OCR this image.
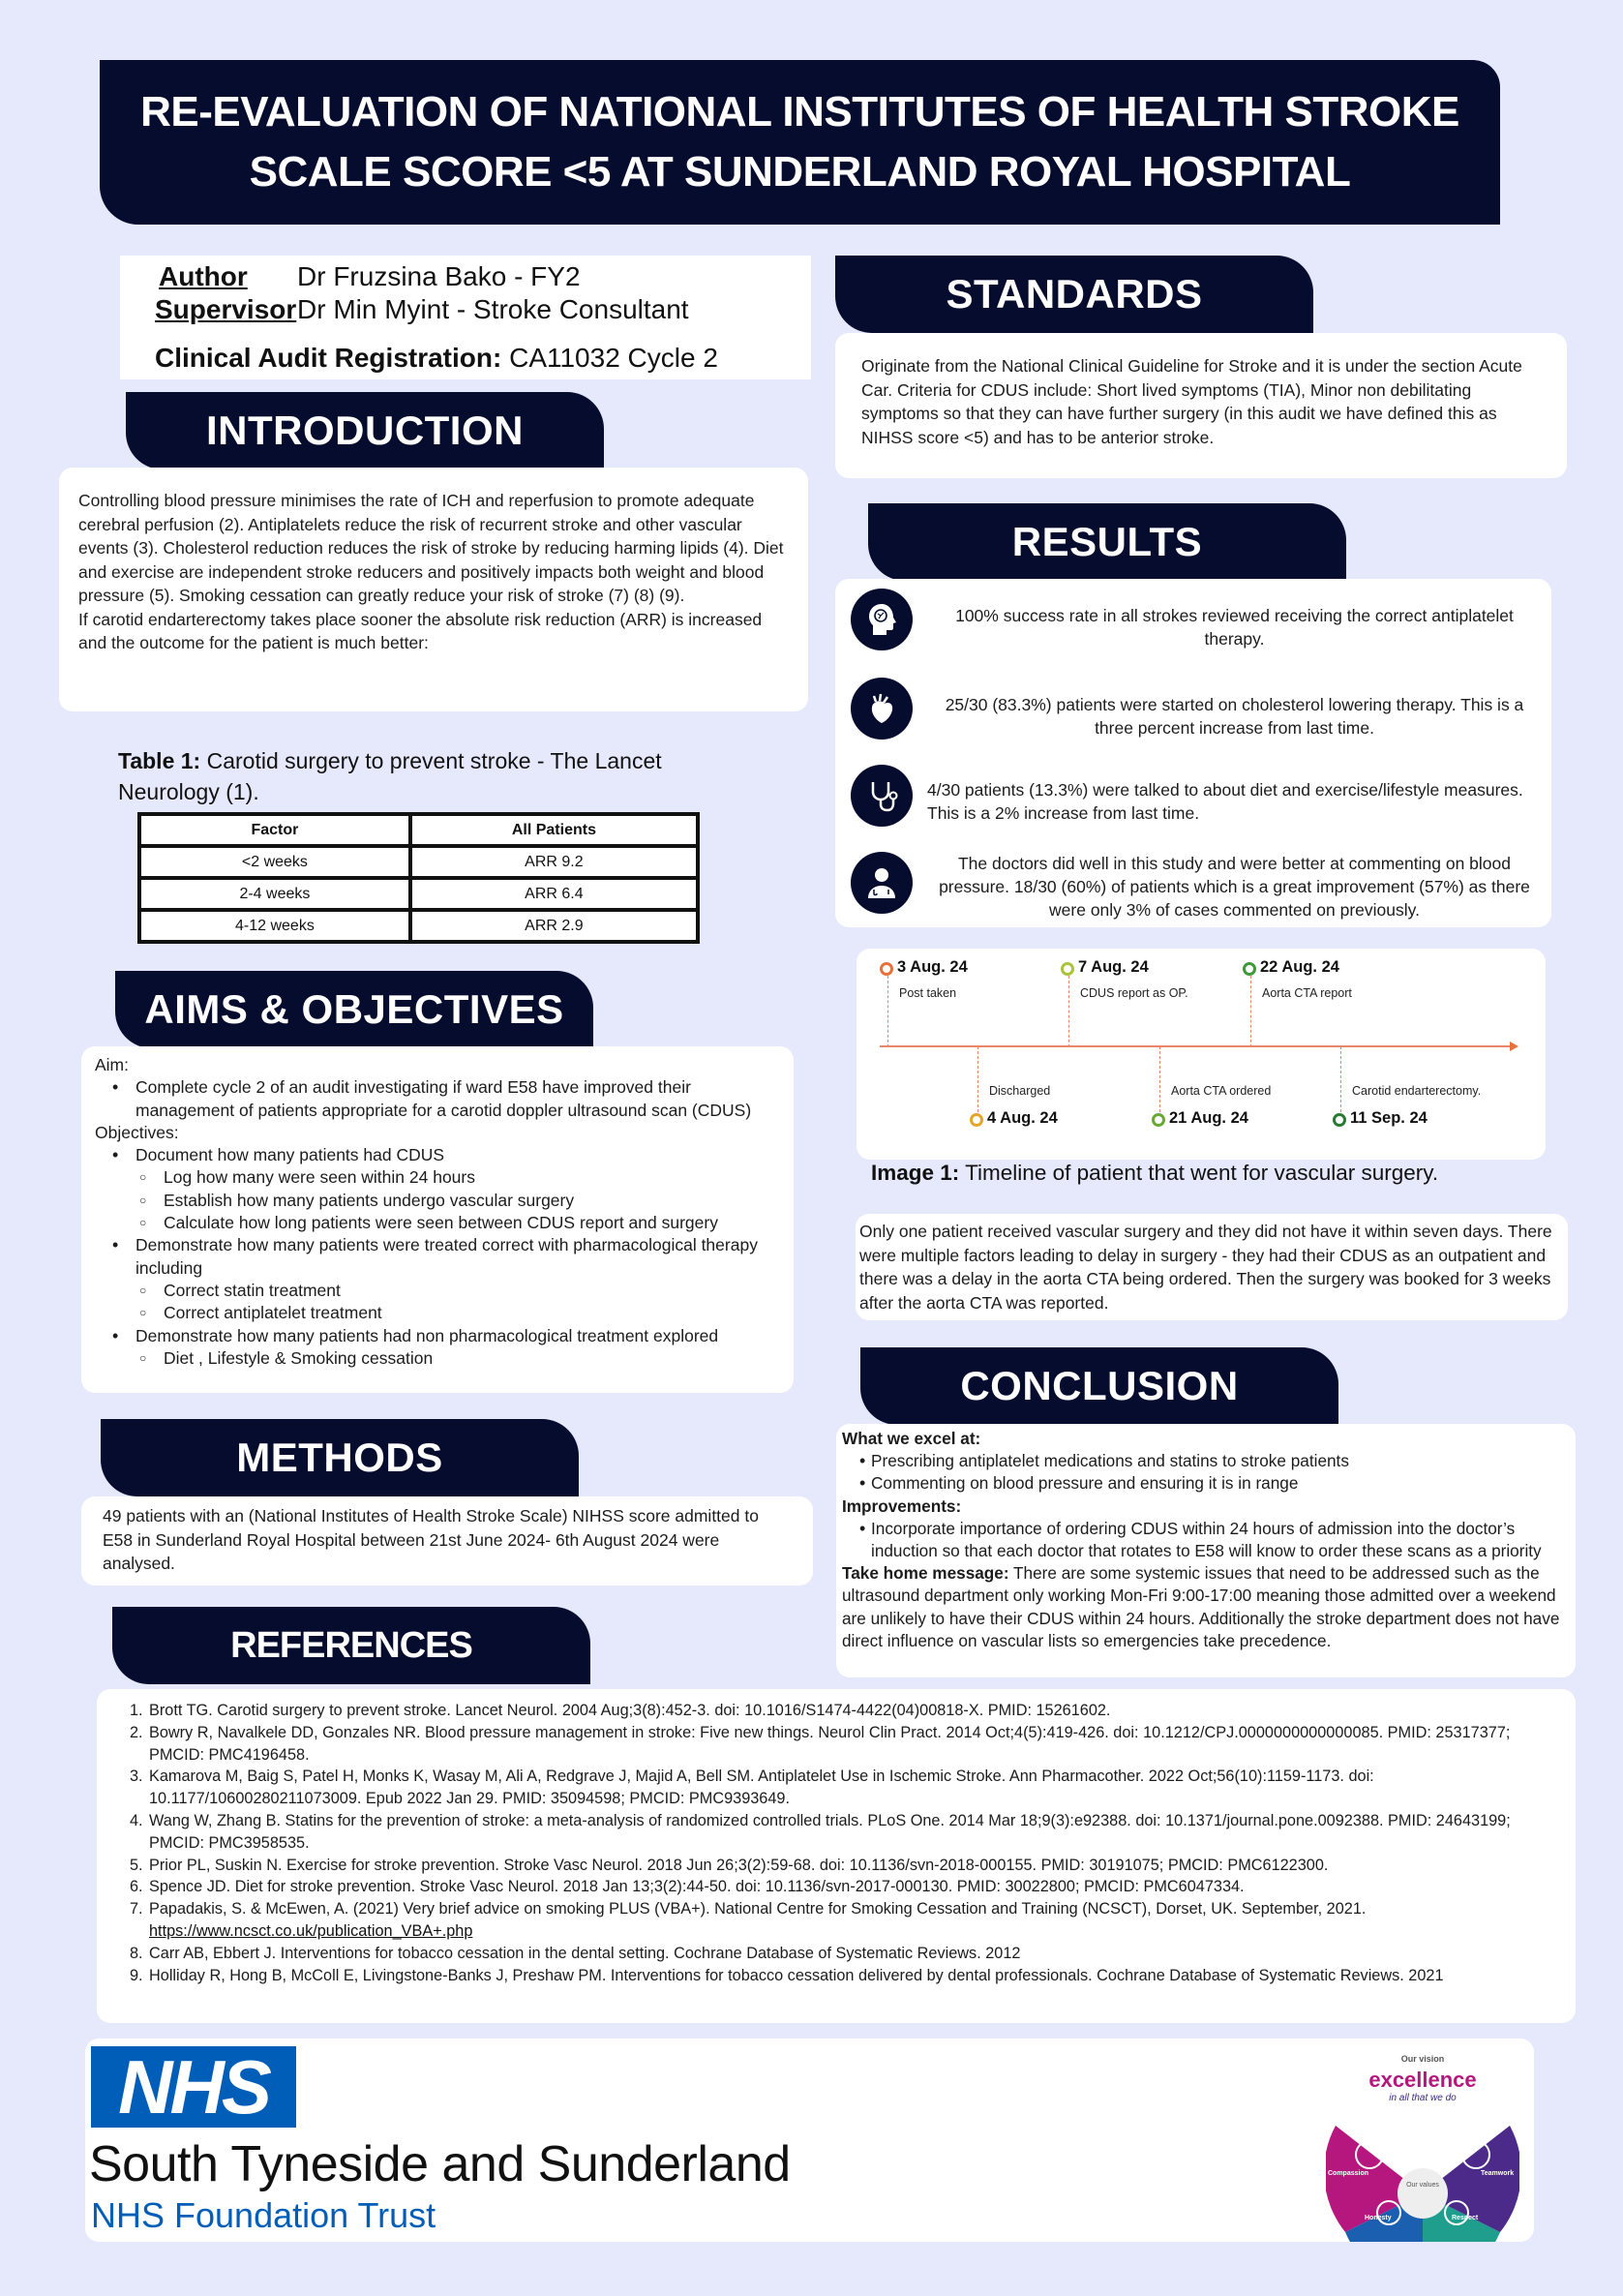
RE-EVALUATION OF NATIONAL INSTITUTES OF HEALTH STROKE
SCALE SCORE <5 AT SUNDERLAND ROYAL HOSPITAL
Author Dr Fruzsina Bako - FY2
SupervisorDr Min Myint - Stroke Consultant
Clinical Audit Registration: CA11032 Cycle 2
INTRODUCTION

Controlling blood pressure minimises the rate of ICH and reperfusion to promote adequate cerebral perfusion (2). Antiplatelets reduce the risk of recurrent stroke and other vascular events (3). Cholesterol reduction reduces the risk of stroke by reducing harming lipids (4). Diet and exercise are independent stroke reducers and positively impacts both weight and blood pressure (5). Smoking cessation can greatly reduce your risk of stroke (7) (8) (9).

If carotid endarterectomy takes place sooner the absolute risk reduction (ARR) is increased and the outcome for the patient is much better:

Table 1: Carotid surgery to prevent stroke - The Lancet Neurology (1).
Factor	All Patients
<2 weeks	ARR 9.2
2-4 weeks	ARR 6.4
4-12 weeks	ARR 2.9
AIMS & OBJECTIVES
Aim:
• Complete cycle 2 of an audit investigating if ward E58 have improved their management of patients appropriate for a carotid doppler ultrasound scan (CDUS)
Objectives:
• Document how many patients had CDUS
○ Log how many were seen within 24 hours
○ Establish how many patients undergo vascular surgery
○ Calculate how long patients were seen between CDUS report and surgery
• Demonstrate how many patients were treated correct with pharmacological therapy including
○ Correct statin treatment
○ Correct antiplatelet treatment
• Demonstrate how many patients had non pharmacological treatment explored
○ Diet , Lifestyle & Smoking cessation
METHODS

49 patients with an (National Institutes of Health Stroke Scale) NIHSS score admitted to E58 in Sunderland Royal Hospital between 21st June 2024- 6th August 2024 were analysed.

REFERENCES
STANDARDS

Originate from the National Clinical Guideline for Stroke and it is under the section Acute Car. Criteria for CDUS include: Short lived symptoms (TIA), Minor non debilitating symptoms so that they can have further surgery (in this audit we have defined this as NIHSS score <5) and has to be anterior stroke.

RESULTS
100% success rate in all strokes reviewed receiving the correct antiplatelet therapy.
25/30 (83.3%) patients were started on cholesterol lowering therapy. This is a three percent increase from last time.
4/30 patients (13.3%) were talked to about diet and exercise/lifestyle measures. This is a 2% increase from last time.
The doctors did well in this study and were better at commenting on blood pressure. 18/30 (60%) of patients which is a great improvement (57%) as there were only 3% of cases commented on previously.
3 Aug. 24
Post taken
4 Aug. 24
Discharged
7 Aug. 24
CDUS report as OP.
21 Aug. 24
Aorta CTA ordered
22 Aug. 24
Aorta CTA report
11 Sep. 24
Carotid endarterectomy.
Image 1: Timeline of patient that went for vascular surgery.

Only one patient received vascular surgery and they did not have it within seven days. There were multiple factors leading to delay in surgery - they had their CDUS as an outpatient and there was a delay in the aorta CTA being ordered. Then the surgery was booked for 3 weeks after the aorta CTA was reported.

CONCLUSION
What we excel at:
• Prescribing antiplatelet medications and statins to stroke patients
• Commenting on blood pressure and ensuring it is in range
Improvements:
• Incorporate importance of ordering CDUS within 24 hours of admission into the doctor’s induction so that each doctor that rotates to E58 will know to order these scans as a priority

Take home message: There are some systemic issues that need to be addressed such as the ultrasound department only working Mon-Fri 9:00-17:00 meaning those admitted over a weekend are unlikely to have their CDUS within 24 hours. Additionally the stroke department does not have direct influence on vascular lists so emergencies take precedence.

1. Brott TG. Carotid surgery to prevent stroke. Lancet Neurol. 2004 Aug;3(8):452-3. doi: 10.1016/S1474-4422(04)00818-X. PMID: 15261602.
2. Bowry R, Navalkele DD, Gonzales NR. Blood pressure management in stroke: Five new things. Neurol Clin Pract. 2014 Oct;4(5):419-426. doi: 10.1212/CPJ.0000000000000085. PMID: 25317377; PMCID: PMC4196458.
3. Kamarova M, Baig S, Patel H, Monks K, Wasay M, Ali A, Redgrave J, Majid A, Bell SM. Antiplatelet Use in Ischemic Stroke. Ann Pharmacother. 2022 Oct;56(10):1159-1173. doi: 10.1177/10600280211073009. Epub 2022 Jan 29. PMID: 35094598; PMCID: PMC9393649.
4. Wang W, Zhang B. Statins for the prevention of stroke: a meta-analysis of randomized controlled trials. PLoS One. 2014 Mar 18;9(3):e92388. doi: 10.1371/journal.pone.0092388. PMID: 24643199; PMCID: PMC3958535.
5. Prior PL, Suskin N. Exercise for stroke prevention. Stroke Vasc Neurol. 2018 Jun 26;3(2):59-68. doi: 10.1136/svn-2018-000155. PMID: 30191075; PMCID: PMC6122300.
6. Spence JD. Diet for stroke prevention. Stroke Vasc Neurol. 2018 Jan 13;3(2):44-50. doi: 10.1136/svn-2017-000130. PMID: 30022800; PMCID: PMC6047334.
7. Papadakis, S. & McEwen, A. (2021) Very brief advice on smoking PLUS (VBA+). National Centre for Smoking Cessation and Training (NCSCT), Dorset, UK. September, 2021.
https://www.ncsct.co.uk/publication_VBA+.php
8. Carr AB, Ebbert J. Interventions for tobacco cessation in the dental setting. Cochrane Database of Systematic Reviews. 2012
9. Holliday R, Hong B, McColl E, Livingstone-Banks J, Preshaw PM. Interventions for tobacco cessation delivered by dental professionals. Cochrane Database of Systematic Reviews. 2021
NHS
South Tyneside and Sunderland
NHS Foundation Trust
Our vision
excellence
in all that we do
Our values
Compassion
Honesty	Respect
Teamwork
